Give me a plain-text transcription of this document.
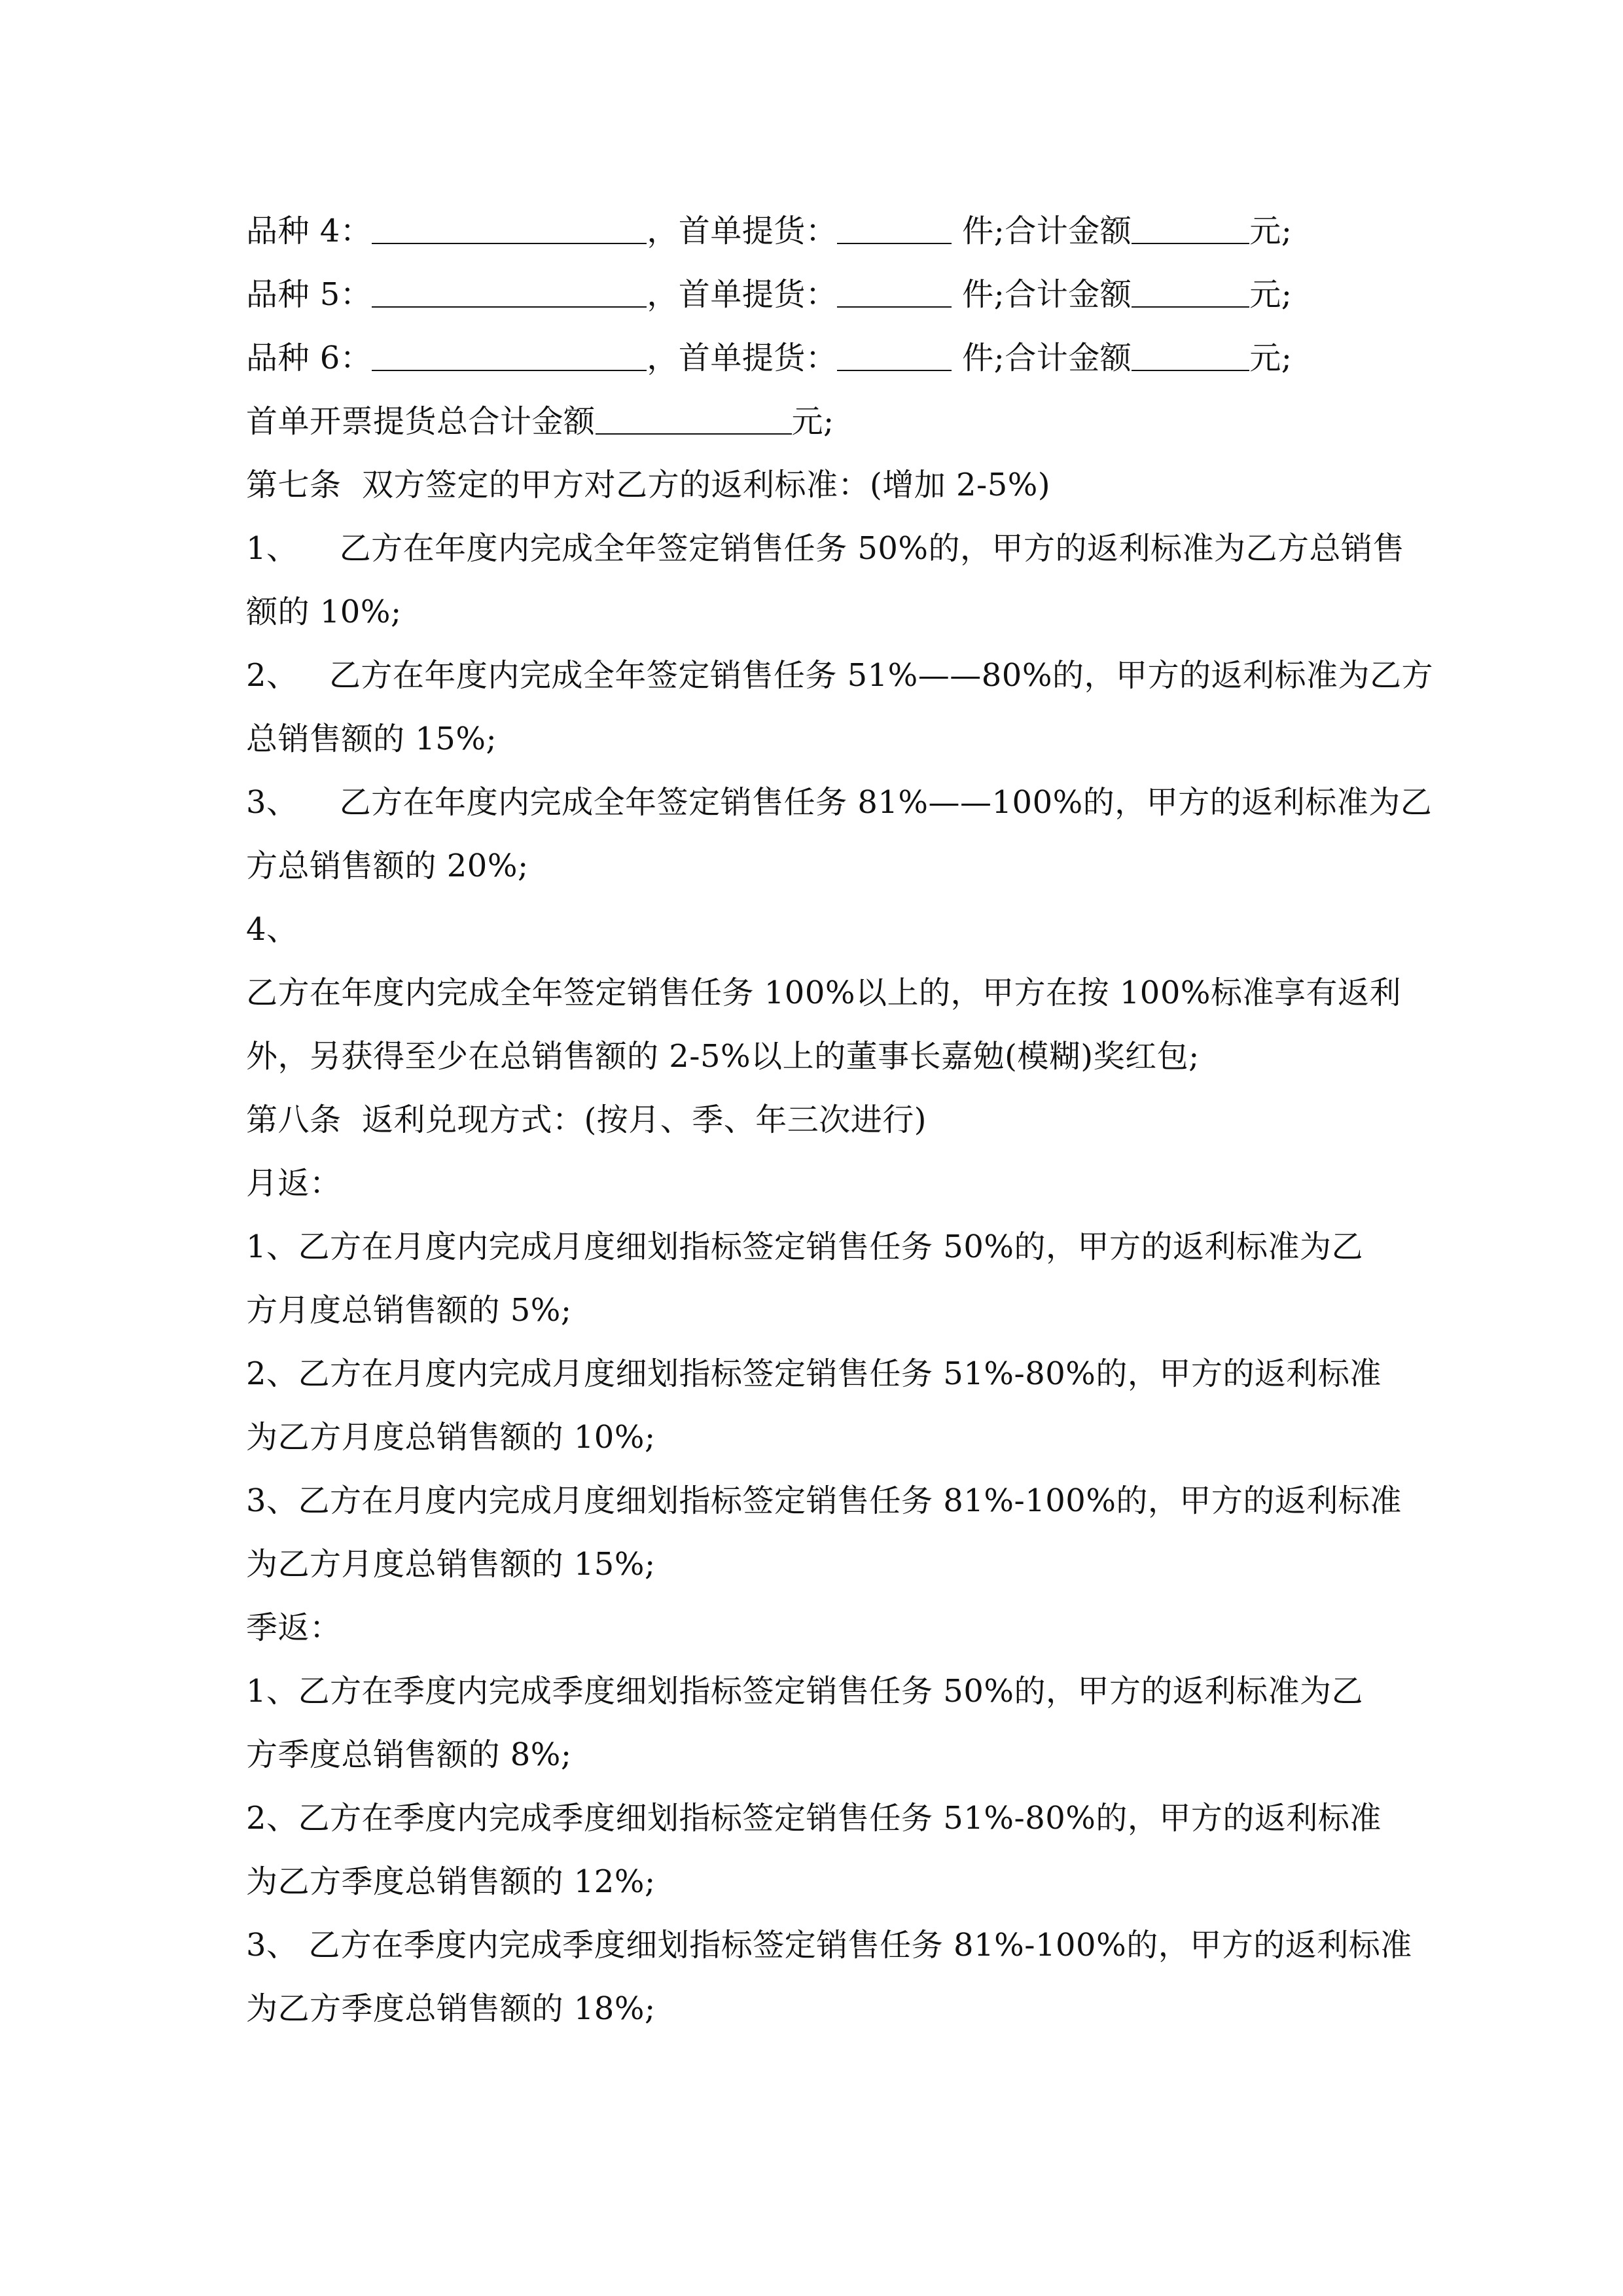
品种 4：	，首单提货：	件;合计金额	元;
品种 5：	，首单提货：	件;合计金额	元;
品种 6：	，首单提货：	件;合计金额	元;
首单开票提货总合计金额	元;
第七条  双方签定的甲方对乙方的返利标准：(增加 2-5%)
1、    乙方在年度内完成全年签定销售任务 50%的，甲方的返利标准为乙方总销售
额的 10%;
2、   乙方在年度内完成全年签定销售任务 51%——80%的，甲方的返利标准为乙方
总销售额的 15%;
3、    乙方在年度内完成全年签定销售任务 81%——100%的，甲方的返利标准为乙
方总销售额的 20%;
4、
乙方在年度内完成全年签定销售任务 100%以上的，甲方在按 100%标准享有返利
外，另获得至少在总销售额的 2-5%以上的董事长嘉勉(模糊)奖红包;
第八条  返利兑现方式：(按月、季、年三次进行)
月返：
1、乙方在月度内完成月度细划指标签定销售任务 50%的，甲方的返利标准为乙
方月度总销售额的 5%;
2、乙方在月度内完成月度细划指标签定销售任务 51%-80%的，甲方的返利标准
为乙方月度总销售额的 10%;
3、乙方在月度内完成月度细划指标签定销售任务 81%-100%的，甲方的返利标准
为乙方月度总销售额的 15%;
季返：
1、乙方在季度内完成季度细划指标签定销售任务 50%的，甲方的返利标准为乙
方季度总销售额的 8%;
2、乙方在季度内完成季度细划指标签定销售任务 51%-80%的，甲方的返利标准
为乙方季度总销售额的 12%;
3、 乙方在季度内完成季度细划指标签定销售任务 81%-100%的，甲方的返利标准
为乙方季度总销售额的 18%;
